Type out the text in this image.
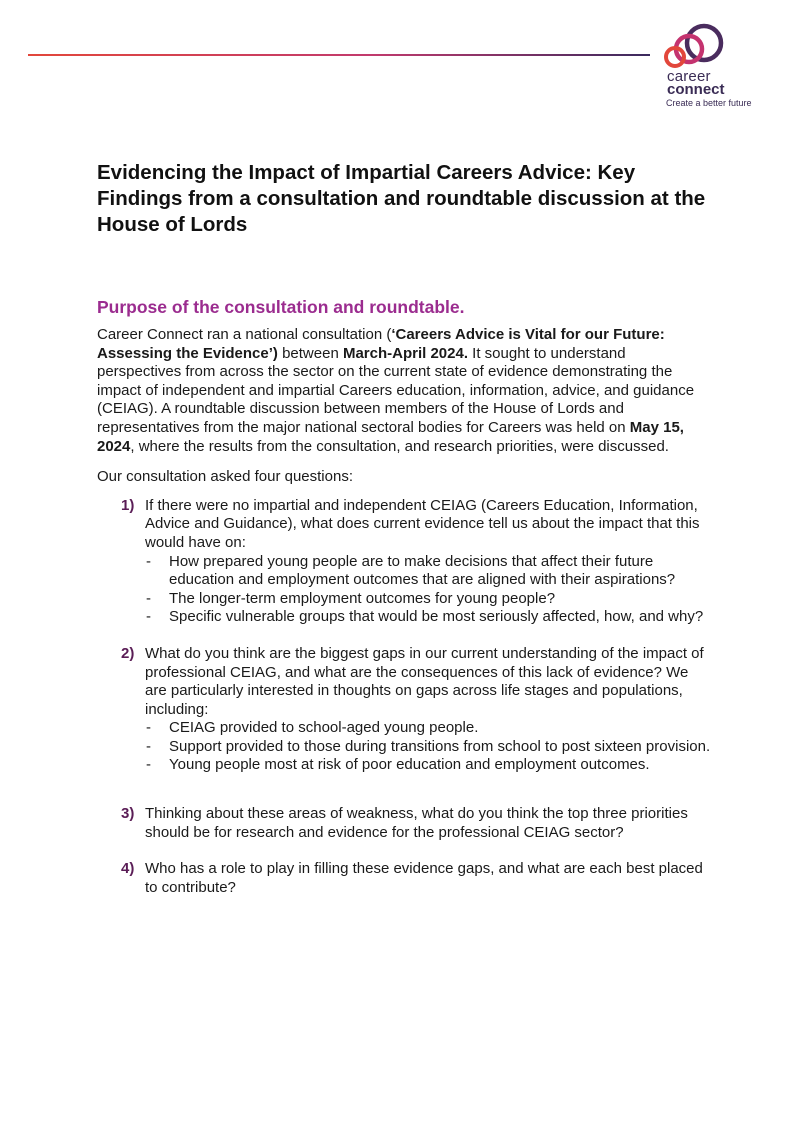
career
connect
Create a better future
Evidencing the Impact of Impartial Careers Advice: Key Findings from a consultation and roundtable discussion at the House of Lords
Purpose of the consultation and roundtable.

Career Connect ran a national consultation (‘Careers Advice is Vital for our Future: Assessing the Evidence’) between March-April 2024. It sought to understand perspectives from across the sector on the current state of evidence demonstrating the impact of independent and impartial Careers education, information, advice, and guidance (CEIAG). A roundtable discussion between members of the House of Lords and representatives from the major national sectoral bodies for Careers was held on May 15, 2024, where the results from the consultation, and research priorities, were discussed.

Our consultation asked four questions:

1) If there were no impartial and independent CEIAG (Careers Education, Information, Advice and Guidance), what does current evidence tell us about the impact that this would have on:
- How prepared young people are to make decisions that affect their future education and employment outcomes that are aligned with their aspirations?
- The longer-term employment outcomes for young people?
- Specific vulnerable groups that would be most seriously affected, how, and why?
2) What do you think are the biggest gaps in our current understanding of the impact of professional CEIAG, and what are the consequences of this lack of evidence? We are particularly interested in thoughts on gaps across life stages and populations, including:
- CEIAG provided to school-aged young people.
- Support provided to those during transitions from school to post sixteen provision.
- Young people most at risk of poor education and employment outcomes.
3) Thinking about these areas of weakness, what do you think the top three priorities should be for research and evidence for the professional CEIAG sector?
4) Who has a role to play in filling these evidence gaps, and what are each best placed to contribute?
